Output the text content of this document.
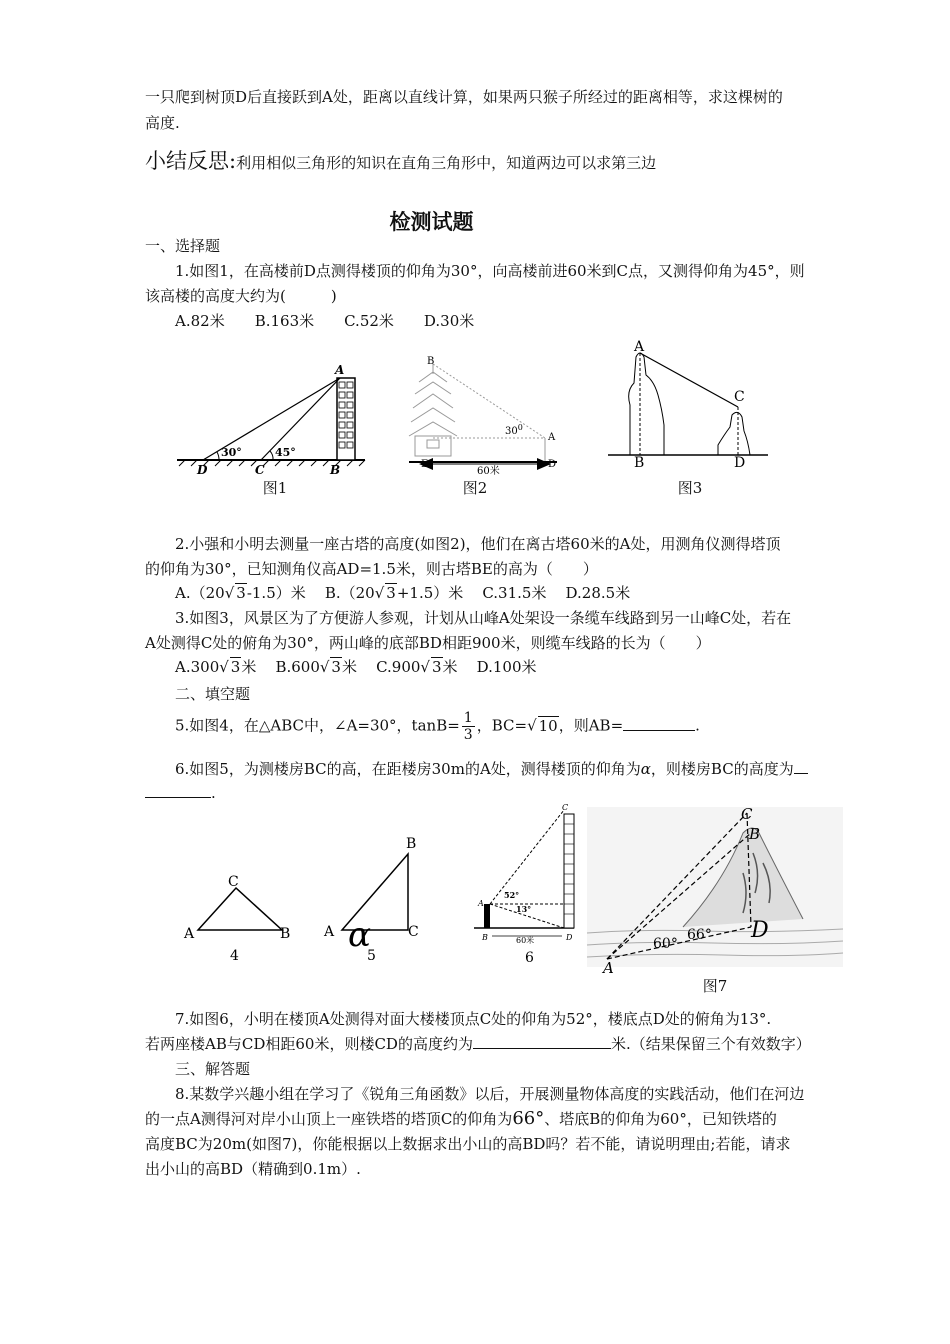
一只爬到树顶D后直接跃到A处，距离以直线计算，如果两只猴子所经过的距离相等，求这棵树的
高度.
小结反思:利用相似三角形的知识在直角三角形中，知道两边可以求第三边
检测试题
一、选择题
1.如图1，在高楼前D点测得楼顶的仰角为30°，向高楼前进60米到C点，又测得仰角为45°，则
该高楼的高度大约为(　　　)
A.82米　　B.163米　　C.52米　　D.30米
A
B
C
D
30°	45°
图1
B
A
E	D
$30^0$
60米
图2
A
C
B	D
图3
2.小强和小明去测量一座古塔的高度(如图2)，他们在离古塔60米的A处，用测角仪测得塔顶
的仰角为30°，已知测角仪高AD=1.5米，则古塔BE的高为（　　）
A.（20√ 3-1.5）米 B.（20√ 3+1.5）米 C.31.5米 D.28.5米
3.如图3，风景区为了方便游人参观，计划从山峰A处架设一条缆车线路到另一山峰C处，若在
A处测得C处的俯角为30°，两山峰的底部BD相距900米，则缆车线路的长为（　　）
A.300√ 3米 B.600√ 3米 C.900√ 3米 D.100米
二、填空题
5.如图4，在△ABC中，∠A=30°，$\tan B= \frac{1}{3}$ ，BC=√ 10，则AB=	.
6.如图5，为测楼房BC的高，在距楼房30m的A处，测得楼顶的仰角为α，则楼房BC的高度为
.
A
C
B
4
A
B
C
α
5
A
B
C
D
52°
13°
60米
6
C
B
D
A
60°
66°
图7
7.如图6，小明在楼顶A处测得对面大楼楼顶点C处的仰角为52°，楼底点D处的俯角为13°.
若两座楼AB与CD相距60米，则楼CD的高度约为	米.（结果保留三个有效数字）
三、解答题
8.某数学兴趣小组在学习了《锐角三角函数》以后，开展测量物体高度的实践活动，他们在河边
的一点A测得河对岸小山顶上一座铁塔的塔顶C的仰角为66°、塔底B的仰角为60°，已知铁塔的
高度BC为20m(如图7)，你能根据以上数据求出小山的高BD吗？若不能，请说明理由;若能，请求
出小山的高BD（精确到0.1m）.
